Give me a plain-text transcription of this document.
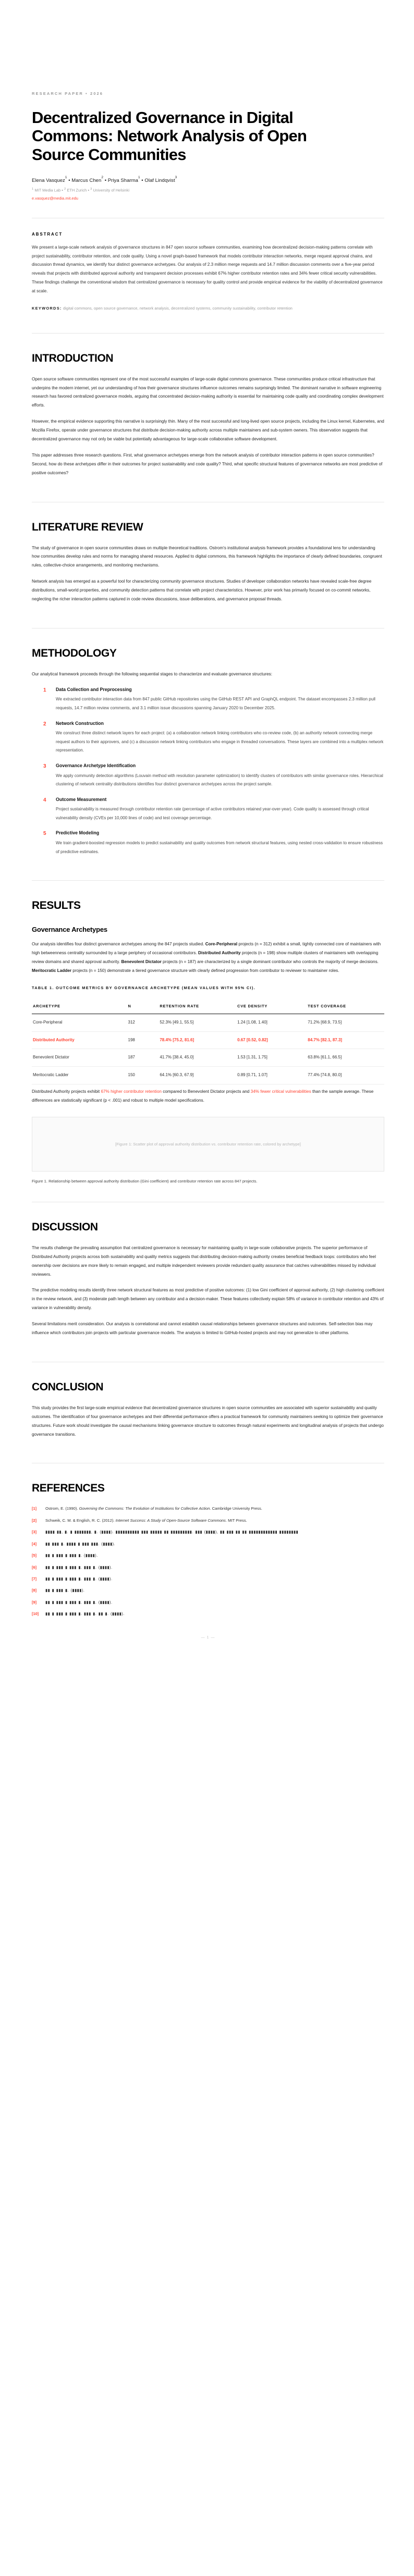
RESEARCH PAPER • 2026
Decentralized Governance in Digital Commons: Network Analysis of Open Source Communities
Elena Vasquez$^1$ • Marcus Chen$^2$ • Priya Sharma$^1$ • Olaf Lindqvist$^3$
$^1$ MIT Media Lab • $^2$ ETH Zurich • $^3$ University of Helsinki
e.vasquez@media.mit.edu
ABSTRACT

We present a large-scale network analysis of governance structures in 847 open source software communities, examining how decentralized decision-making patterns correlate with project sustainability, contributor retention, and code quality. Using a novel graph-based framework that models contributor interaction networks, merge request approval chains, and discussion thread dynamics, we identify four distinct governance archetypes. Our analysis of 2.3 million merge requests and 14.7 million discussion comments over a five-year period reveals that projects with distributed approval authority and transparent decision processes exhibit 67% higher contributor retention rates and 34% fewer critical security vulnerabilities. These findings challenge the conventional wisdom that centralized governance is necessary for quality control and provide empirical evidence for the viability of decentralized governance at scale.

KEYWORDS: digital commons, open source governance, network analysis, decentralized systems, community sustainability, contributor retention

INTRODUCTION

Open source software communities represent one of the most successful examples of large-scale digital commons governance. These communities produce critical infrastructure that underpins the modern internet, yet our understanding of how their governance structures influence outcomes remains surprisingly limited. The dominant narrative in software engineering research has favored centralized governance models, arguing that concentrated decision-making authority is essential for maintaining code quality and coordinating complex development efforts.

However, the empirical evidence supporting this narrative is surprisingly thin. Many of the most successful and long-lived open source projects, including the Linux kernel, Kubernetes, and Mozilla Firefox, operate under governance structures that distribute decision-making authority across multiple maintainers and sub-system owners. This observation suggests that decentralized governance may not only be viable but potentially advantageous for large-scale collaborative software development.

This paper addresses three research questions. First, what governance archetypes emerge from the network analysis of contributor interaction patterns in open source communities? Second, how do these archetypes differ in their outcomes for project sustainability and code quality? Third, what specific structural features of governance networks are most predictive of positive outcomes?

LITERATURE REVIEW

The study of governance in open source communities draws on multiple theoretical traditions. Ostrom's institutional analysis framework provides a foundational lens for understanding how communities develop rules and norms for managing shared resources. Applied to digital commons, this framework highlights the importance of clearly defined boundaries, congruent rules, collective-choice arrangements, and monitoring mechanisms.

Network analysis has emerged as a powerful tool for characterizing community governance structures. Studies of developer collaboration networks have revealed scale-free degree distributions, small-world properties, and community detection patterns that correlate with project characteristics. However, prior work has primarily focused on co-commit networks, neglecting the richer interaction patterns captured in code review discussions, issue deliberations, and governance proposal threads.

METHODOLOGY

Our analytical framework proceeds through the following sequential stages to characterize and evaluate governance structures:

1	Data Collection and Preprocessing
We extracted contributor interaction data from 847 public GitHub repositories using the GitHub REST API and GraphQL endpoint. The dataset encompasses 2.3 million pull requests, 14.7 million review comments, and 3.1 million issue discussions spanning January 2020 to December 2025.
2	Network Construction
We construct three distinct network layers for each project: (a) a collaboration network linking contributors who co-review code, (b) an authority network connecting merge request authors to their approvers, and (c) a discussion network linking contributors who engage in threaded conversations. These layers are combined into a multiplex network representation.
3	Governance Archetype Identification
We apply community detection algorithms (Louvain method with resolution parameter optimization) to identify clusters of contributors with similar governance roles. Hierarchical clustering of network centrality distributions identifies four distinct governance archetypes across the project sample.
4	Outcome Measurement
Project sustainability is measured through contributor retention rate (percentage of active contributors retained year-over-year). Code quality is assessed through critical vulnerability density (CVEs per 10,000 lines of code) and test coverage percentage.
5	Predictive Modeling
We train gradient-boosted regression models to predict sustainability and quality outcomes from network structural features, using nested cross-validation to ensure robustness of predictive estimates.
RESULTS
Governance Archetypes

Our analysis identifies four distinct governance archetypes among the 847 projects studied. Core-Peripheral projects (n = 312) exhibit a small, tightly connected core of maintainers with high betweenness centrality surrounded by a large periphery of occasional contributors. Distributed Authority projects (n = 198) show multiple clusters of maintainers with overlapping review domains and shared approval authority. Benevolent Dictator projects (n = 187) are characterized by a single dominant contributor who controls the majority of merge decisions. Meritocratic Ladder projects (n = 150) demonstrate a tiered governance structure with clearly defined progression from contributor to reviewer to maintainer roles.

TABLE 1. OUTCOME METRICS BY GOVERNANCE ARCHETYPE (MEAN VALUES WITH 95% CI).
ARCHETYPE	N	RETENTION RATE	CVE DENSITY	TEST COVERAGE
Core-Peripheral	312	52.3% [49.1, 55.5]	1.24 [1.08, 1.40]	71.2% [68.9, 73.5]
Distributed Authority	198	78.4% [75.2, 81.6]	0.67 [0.52, 0.82]	84.7% [82.1, 87.3]
Benevolent Dictator	187	41.7% [38.4, 45.0]	1.53 [1.31, 1.75]	63.8% [61.1, 66.5]
Meritocratic Ladder	150	64.1% [60.3, 67.9]	0.89 [0.71, 1.07]	77.4% [74.8, 80.0]

Distributed Authority projects exhibit 67% higher contributor retention compared to Benevolent Dictator projects and 34% fewer critical vulnerabilities than the sample average. These differences are statistically significant (p < .001) and robust to multiple model specifications.

[Figure 1: Scatter plot of approval authority distribution vs. contributor retention rate, colored by archetype]
Figure 1. Relationship between approval authority distribution (Gini coefficient) and contributor retention rate across 847 projects.
DISCUSSION

The results challenge the prevailing assumption that centralized governance is necessary for maintaining quality in large-scale collaborative projects. The superior performance of Distributed Authority projects across both sustainability and quality metrics suggests that distributing decision-making authority creates beneficial feedback loops: contributors who feel ownership over decisions are more likely to remain engaged, and multiple independent reviewers provide redundant quality assurance that catches vulnerabilities missed by individual reviewers.

The predictive modeling results identify three network structural features as most predictive of positive outcomes: (1) low Gini coefficient of approval authority, (2) high clustering coefficient in the review network, and (3) moderate path length between any contributor and a decision-maker. These features collectively explain 58% of variance in contributor retention and 43% of variance in vulnerability density.

Several limitations merit consideration. Our analysis is correlational and cannot establish causal relationships between governance structures and outcomes. Self-selection bias may influence which contributors join projects with particular governance models. The analysis is limited to GitHub-hosted projects and may not generalize to other platforms.

CONCLUSION

This study provides the first large-scale empirical evidence that decentralized governance structures in open source communities are associated with superior sustainability and quality outcomes. The identification of four governance archetypes and their differential performance offers a practical framework for community maintainers seeking to optimize their governance structures. Future work should investigate the causal mechanisms linking governance structure to outcomes through natural experiments and longitudinal analysis of projects that undergo governance transitions.

REFERENCES
[1]	Ostrom, E. (1990). Governing the Commons: The Evolution of Institutions for Collective Action. Cambridge University Press.
[2]	Schweik, C. M. & English, R. C. (2012). Internet Success: A Study of Open-Source Software Commons. MIT Press.
[3]	▮▮▮▮ ▮▮, ▮. ▮ ▮▮▮▮▮▮▮, ▮. (▮▮▮▮). ▮▮▮▮▮▮▮▮▮▮ ▮▮▮ ▮▮▮▮▮ ▮▮ ▮▮▮▮▮▮▮▮▮. ▮▮▮ (▮▮▮▮), ▮▮ ▮▮▮ ▮▮ ▮▮ ▮▮▮▮▮▮▮▮▮▮▮▮ ▮▮▮▮▮▮▮▮
[4]	▮▮ ▮▮▮ ▮. ▮▮▮▮ ▮ ▮▮▮ ▮▮▮. (▮▮▮▮).
[5]	▮▮ ▮ ▮▮▮ ▮ ▮▮▮ ▮. (▮▮▮▮).
[6]	▮▮ ▮ ▮▮▮ ▮ ▮▮▮ ▮. ▮▮▮ ▮. (▮▮▮▮).
[7]	▮▮ ▮ ▮▮▮ ▮ ▮▮▮ ▮. ▮▮▮ ▮. (▮▮▮▮).
[8]	▮▮ ▮ ▮▮▮ ▮. (▮▮▮▮).
[9]	▮▮ ▮ ▮▮▮ ▮ ▮▮▮ ▮. ▮▮▮ ▮. (▮▮▮▮).
[10]	▮▮ ▮ ▮▮▮ ▮ ▮▮▮ ▮. ▮▮▮ ▮. ▮▮ ▮. (▮▮▮▮).
— 1 —
